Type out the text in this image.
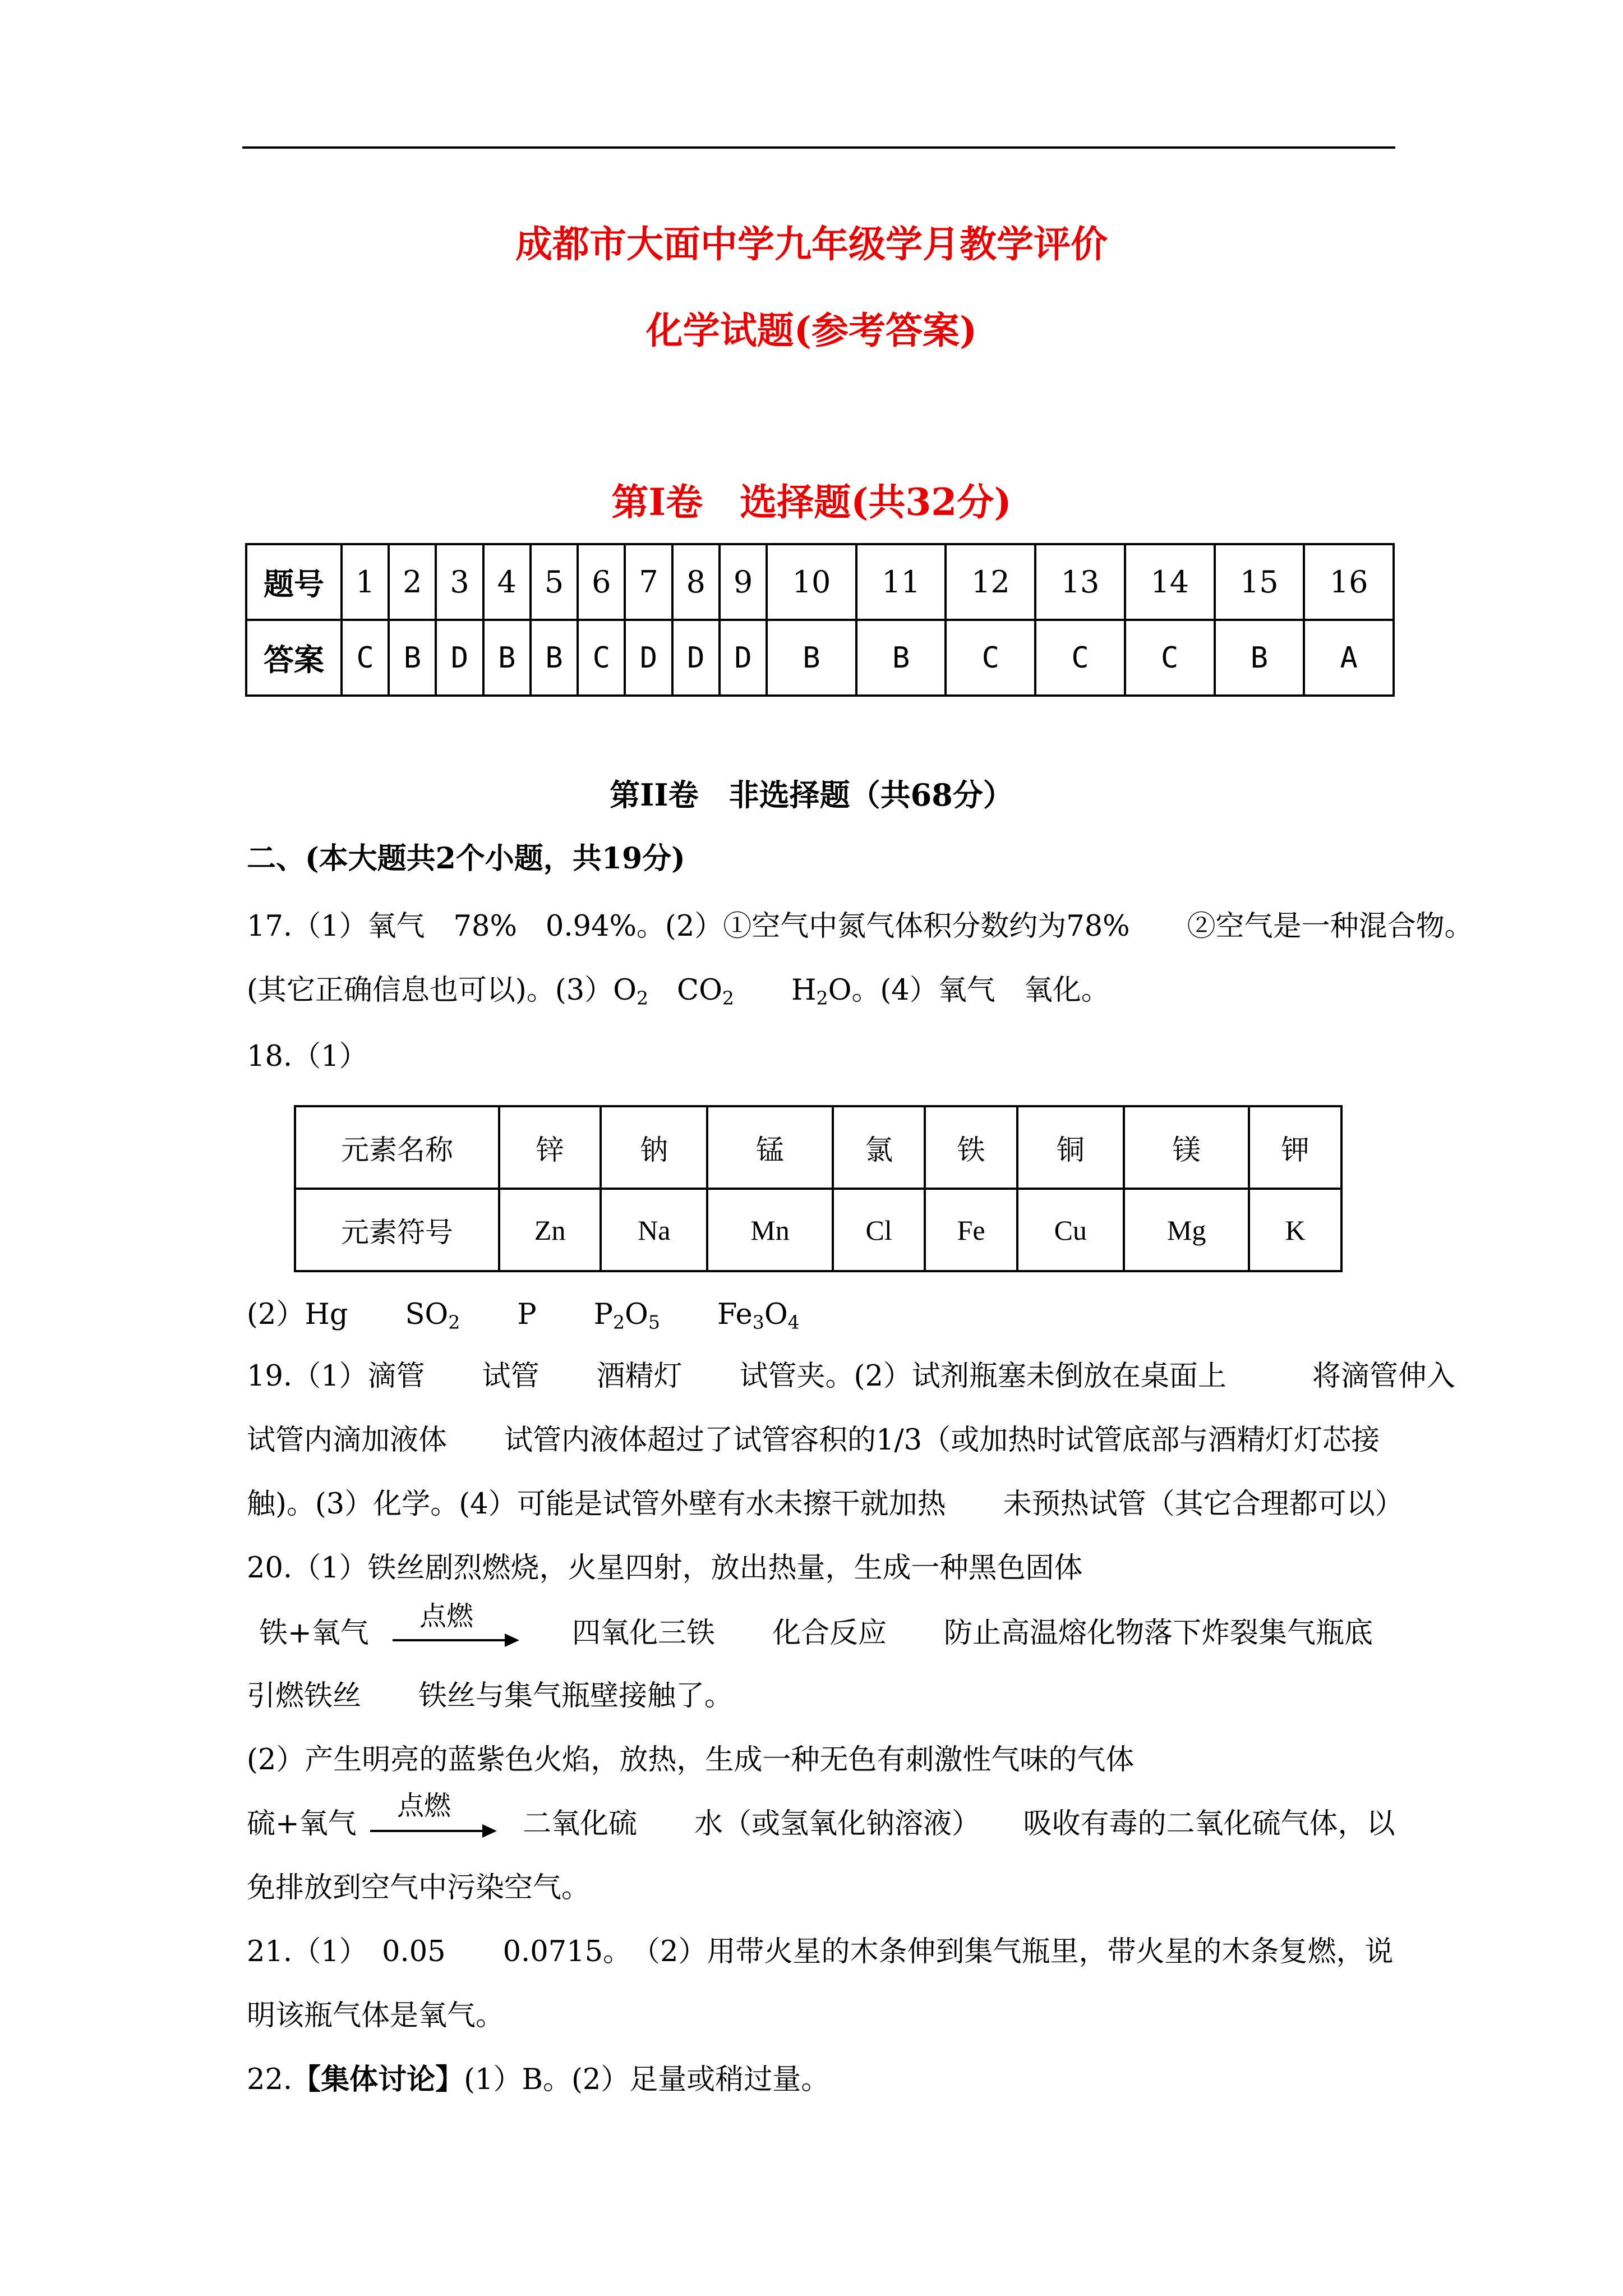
成都市大面中学九年级学月教学评价
化学试题(参考答案)
第Ⅰ卷　选择题(共32分)
题号	1	2	3	4	5	6	7	8	9	10	11	12	13	14	15	16
答案	C	B	D	B	B	C	D	D	D	B	B	C	C	C	B	A
第II卷　非选择题（共68分）
二、(本大题共2个小题，共19分)
17.（1）氧气　78%　0.94%。(2）①空气中氮气体积分数约为78%　　②空气是一种混合物。
(其它正确信息也可以)。$(3)O_2$　$CO_2$　　$H_2O$。(4）氧气　氧化。
18.（1）
元素名称	锌	钠	锰	氯	铁	铜	镁	钾
元素符号	Zn	Na	Mn	Cl	Fe	Cu	Mg	K
(2）Hg　　$SO_2$　　P　　$P_2O_5$　　$Fe_3O_4$
19.（1）滴管　　试管　　酒精灯　　试管夹。(2）试剂瓶塞未倒放在桌面上　　　将滴管伸入
试管内滴加液体　　试管内液体超过了试管容积的1/3（或加热时试管底部与酒精灯灯芯接
触)。(3）化学。(4）可能是试管外壁有水未擦干就加热　　未预热试管（其它合理都可以）
20.（1）铁丝剧烈燃烧，火星四射，放出热量，生成一种黑色固体
铁+氧气
点燃
四氧化三铁　　化合反应　　防止高温熔化物落下炸裂集气瓶底
引燃铁丝　　铁丝与集气瓶壁接触了。
(2）产生明亮的蓝紫色火焰，放热，生成一种无色有刺激性气味的气体
硫+氧气
点燃
二氧化硫　　水（或氢氧化钠溶液）　　吸收有毒的二氧化硫气体，以
免排放到空气中污染空气。
21.（1）　0.05　　0.0715。　（2）用带火星的木条伸到集气瓶里，带火星的木条复燃，说
明该瓶气体是氧气。
22.【集体讨论】(1）B。(2）足量或稍过量。
